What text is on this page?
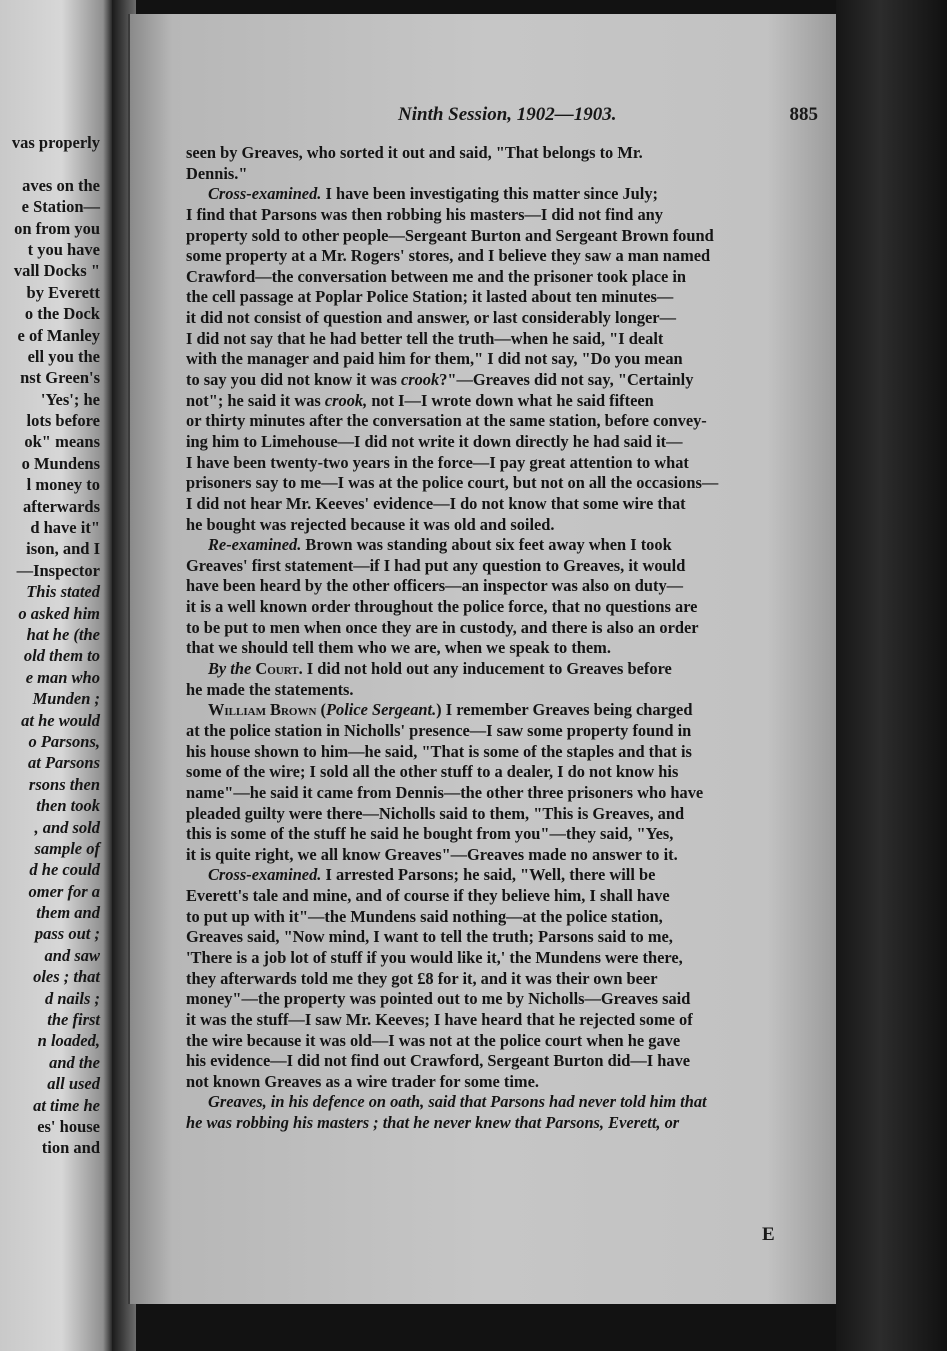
vas properly
aves on the
e Station—
on from you
t you have
vall Docks "
by Everett
o the Dock
e of Manley
ell you the
nst Green's
'Yes'; he
lots before
ok" means
o Mundens
l money to
afterwards
d have it"
ison, and I
—Inspector
This stated
o asked him
hat he (the
old them to
e man who
Munden ;
at he would
o Parsons,
at Parsons
rsons then
then took
, and sold
sample of
d he could
omer for a
them and
pass out ;
and saw
oles ; that
d nails ;
the first
n loaded,
and the
all used
at time he
es' house
tion and
Ninth Session, 1902—1903.	885
seen by Greaves, who sorted it out and said, "That belongs to Mr.
Dennis."
Cross-examined. I have been investigating this matter since July;
I find that Parsons was then robbing his masters—I did not find any
property sold to other people—Sergeant Burton and Sergeant Brown found
some property at a Mr. Rogers' stores, and I believe they saw a man named
Crawford—the conversation between me and the prisoner took place in
the cell passage at Poplar Police Station; it lasted about ten minutes—
it did not consist of question and answer, or last considerably longer—
I did not say that he had better tell the truth—when he said, "I dealt
with the manager and paid him for them," I did not say, "Do you mean
to say you did not know it was crook?"—Greaves did not say, "Certainly
not"; he said it was crook, not I—I wrote down what he said fifteen
or thirty minutes after the conversation at the same station, before convey-
ing him to Limehouse—I did not write it down directly he had said it—
I have been twenty-two years in the force—I pay great attention to what
prisoners say to me—I was at the police court, but not on all the occasions—
I did not hear Mr. Keeves' evidence—I do not know that some wire that
he bought was rejected because it was old and soiled.
Re-examined. Brown was standing about six feet away when I took
Greaves' first statement—if I had put any question to Greaves, it would
have been heard by the other officers—an inspector was also on duty—
it is a well known order throughout the police force, that no questions are
to be put to men when once they are in custody, and there is also an order
that we should tell them who we are, when we speak to them.
By the Court. I did not hold out any inducement to Greaves before
he made the statements.
William Brown (Police Sergeant.) I remember Greaves being charged
at the police station in Nicholls' presence—I saw some property found in
his house shown to him—he said, "That is some of the staples and that is
some of the wire; I sold all the other stuff to a dealer, I do not know his
name"—he said it came from Dennis—the other three prisoners who have
pleaded guilty were there—Nicholls said to them, "This is Greaves, and
this is some of the stuff he said he bought from you"—they said, "Yes,
it is quite right, we all know Greaves"—Greaves made no answer to it.
Cross-examined. I arrested Parsons; he said, "Well, there will be
Everett's tale and mine, and of course if they believe him, I shall have
to put up with it"—the Mundens said nothing—at the police station,
Greaves said, "Now mind, I want to tell the truth; Parsons said to me,
'There is a job lot of stuff if you would like it,' the Mundens were there,
they afterwards told me they got £8 for it, and it was their own beer
money"—the property was pointed out to me by Nicholls—Greaves said
it was the stuff—I saw Mr. Keeves; I have heard that he rejected some of
the wire because it was old—I was not at the police court when he gave
his evidence—I did not find out Crawford, Sergeant Burton did—I have
not known Greaves as a wire trader for some time.
Greaves, in his defence on oath, said that Parsons had never told him that
he was robbing his masters ; that he never knew that Parsons, Everett, or
E
